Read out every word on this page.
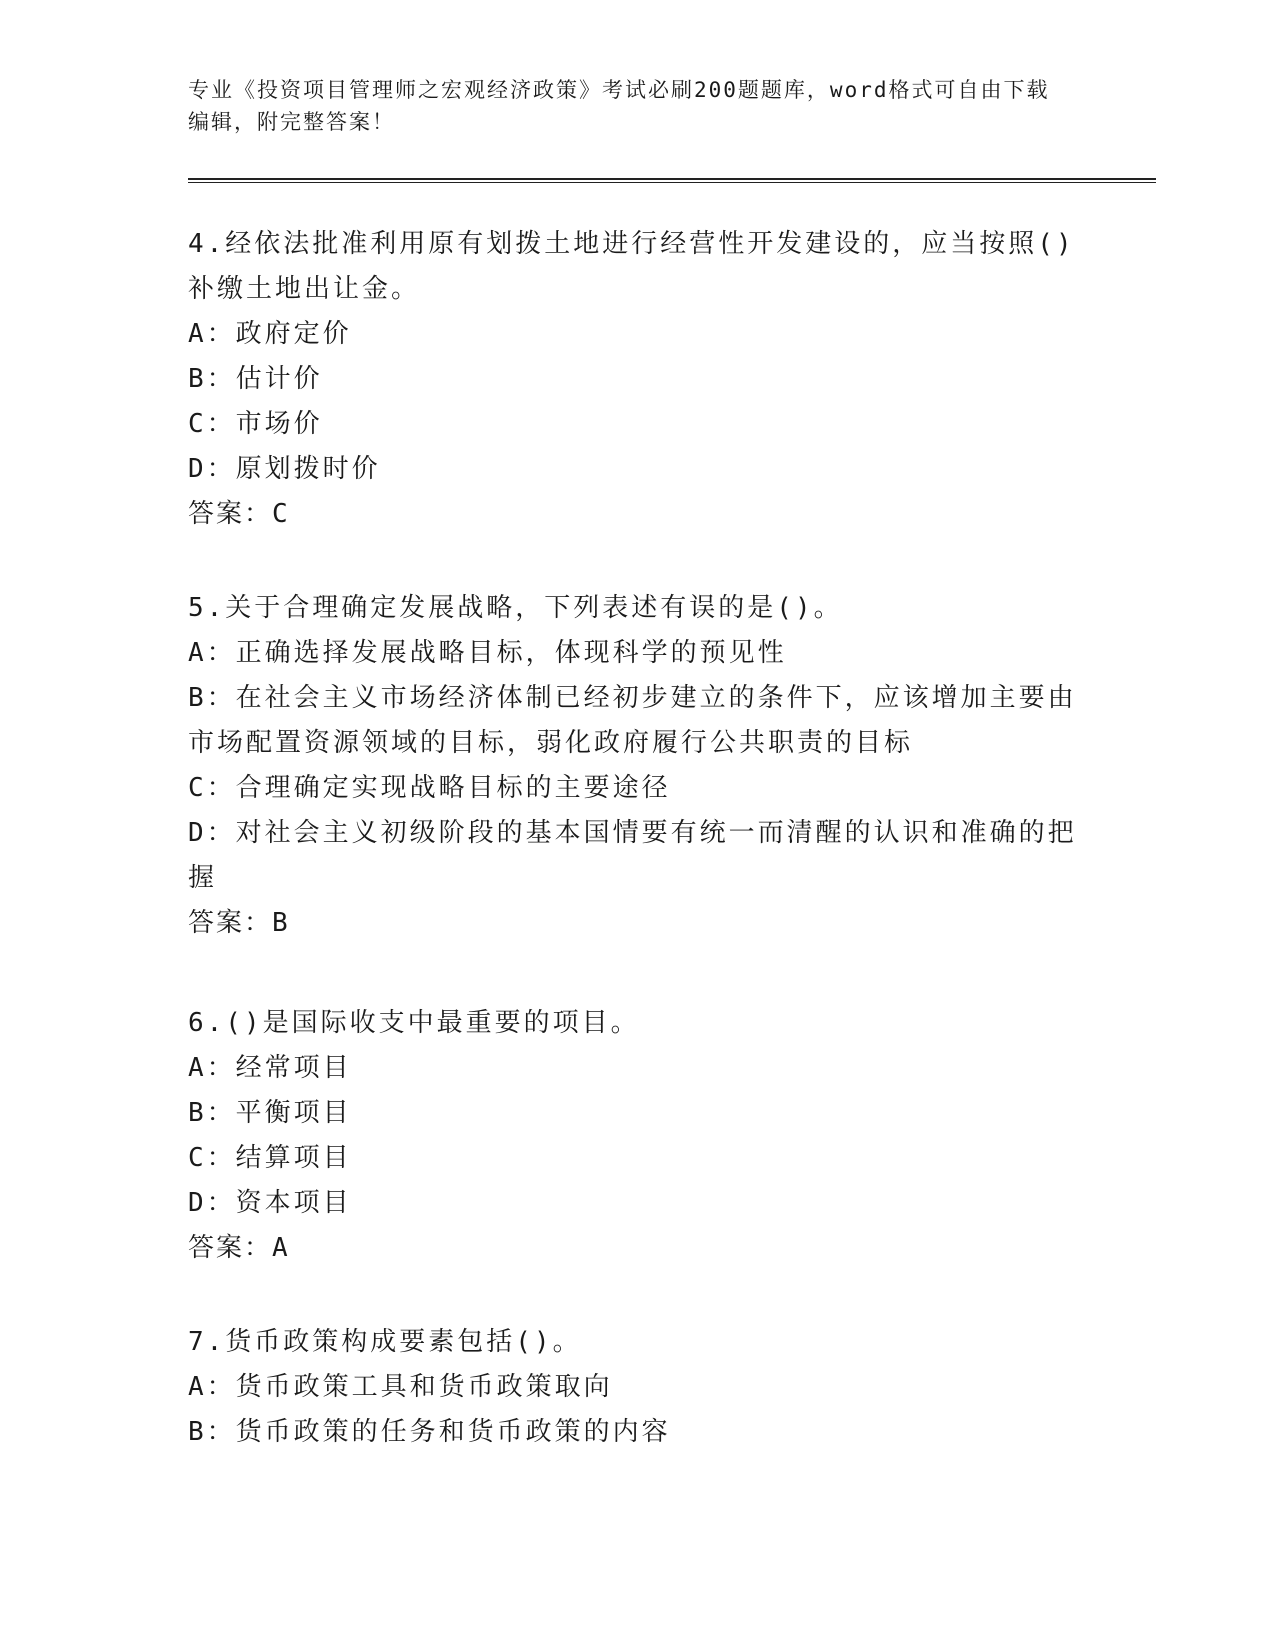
专业《投资项目管理师之宏观经济政策》考试必刷200题题库，word格式可自由下载编辑，附完整答案！

4.经依法批准利用原有划拨土地进行经营性开发建设的，应当按照()补缴土地出让金。

A：政府定价

B：估计价

C：市场价

D：原划拨时价

答案：C

5.关于合理确定发展战略，下列表述有误的是()。

A：正确选择发展战略目标，体现科学的预见性

B：在社会主义市场经济体制已经初步建立的条件下，应该增加主要由市场配置资源领域的目标，弱化政府履行公共职责的目标

C：合理确定实现战略目标的主要途径

D：对社会主义初级阶段的基本国情要有统一而清醒的认识和准确的把握

答案：B

6.()是国际收支中最重要的项目。

A：经常项目

B：平衡项目

C：结算项目

D：资本项目

答案：A

7.货币政策构成要素包括()。

A：货币政策工具和货币政策取向

B：货币政策的任务和货币政策的内容
